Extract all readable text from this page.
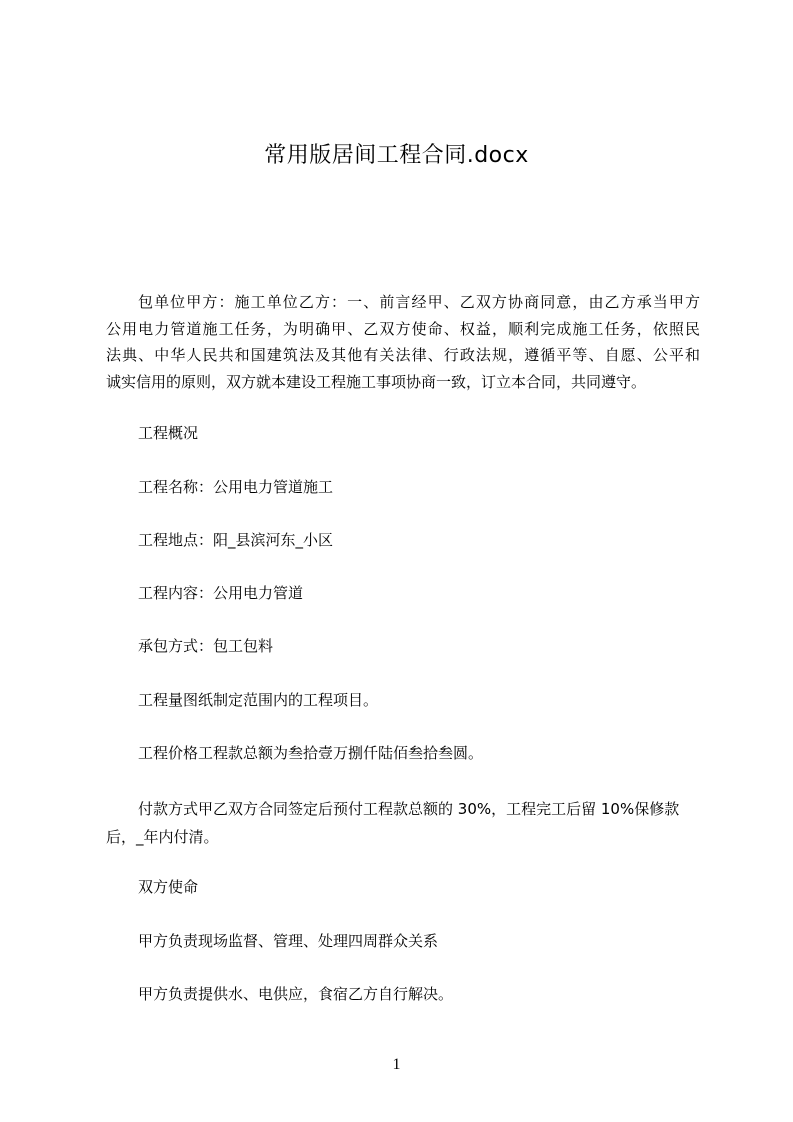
常用版居间工程合同.docx
包单位甲方：施工单位乙方：一、前言经甲、乙双方协商同意，由乙方承当甲方
公用电力管道施工任务，为明确甲、乙双方使命、权益，顺利完成施工任务，依照民
法典、中华人民共和国建筑法及其他有关法律、行政法规，遵循平等、自愿、公平和
诚实信用的原则，双方就本建设工程施工事项协商一致，订立本合同，共同遵守。
工程概况
工程名称：公用电力管道施工
工程地点：阳_县滨河东_小区
工程内容：公用电力管道
承包方式：包工包料
工程量图纸制定范围内的工程项目。
工程价格工程款总额为叁拾壹万捌仟陆佰叁拾叁圆。
付款方式甲乙双方合同签定后预付工程款总额的 30%，工程完工后留 10%保修款
后，_年内付清。
双方使命
甲方负责现场监督、管理、处理四周群众关系
甲方负责提供水、电供应，食宿乙方自行解决。
1
